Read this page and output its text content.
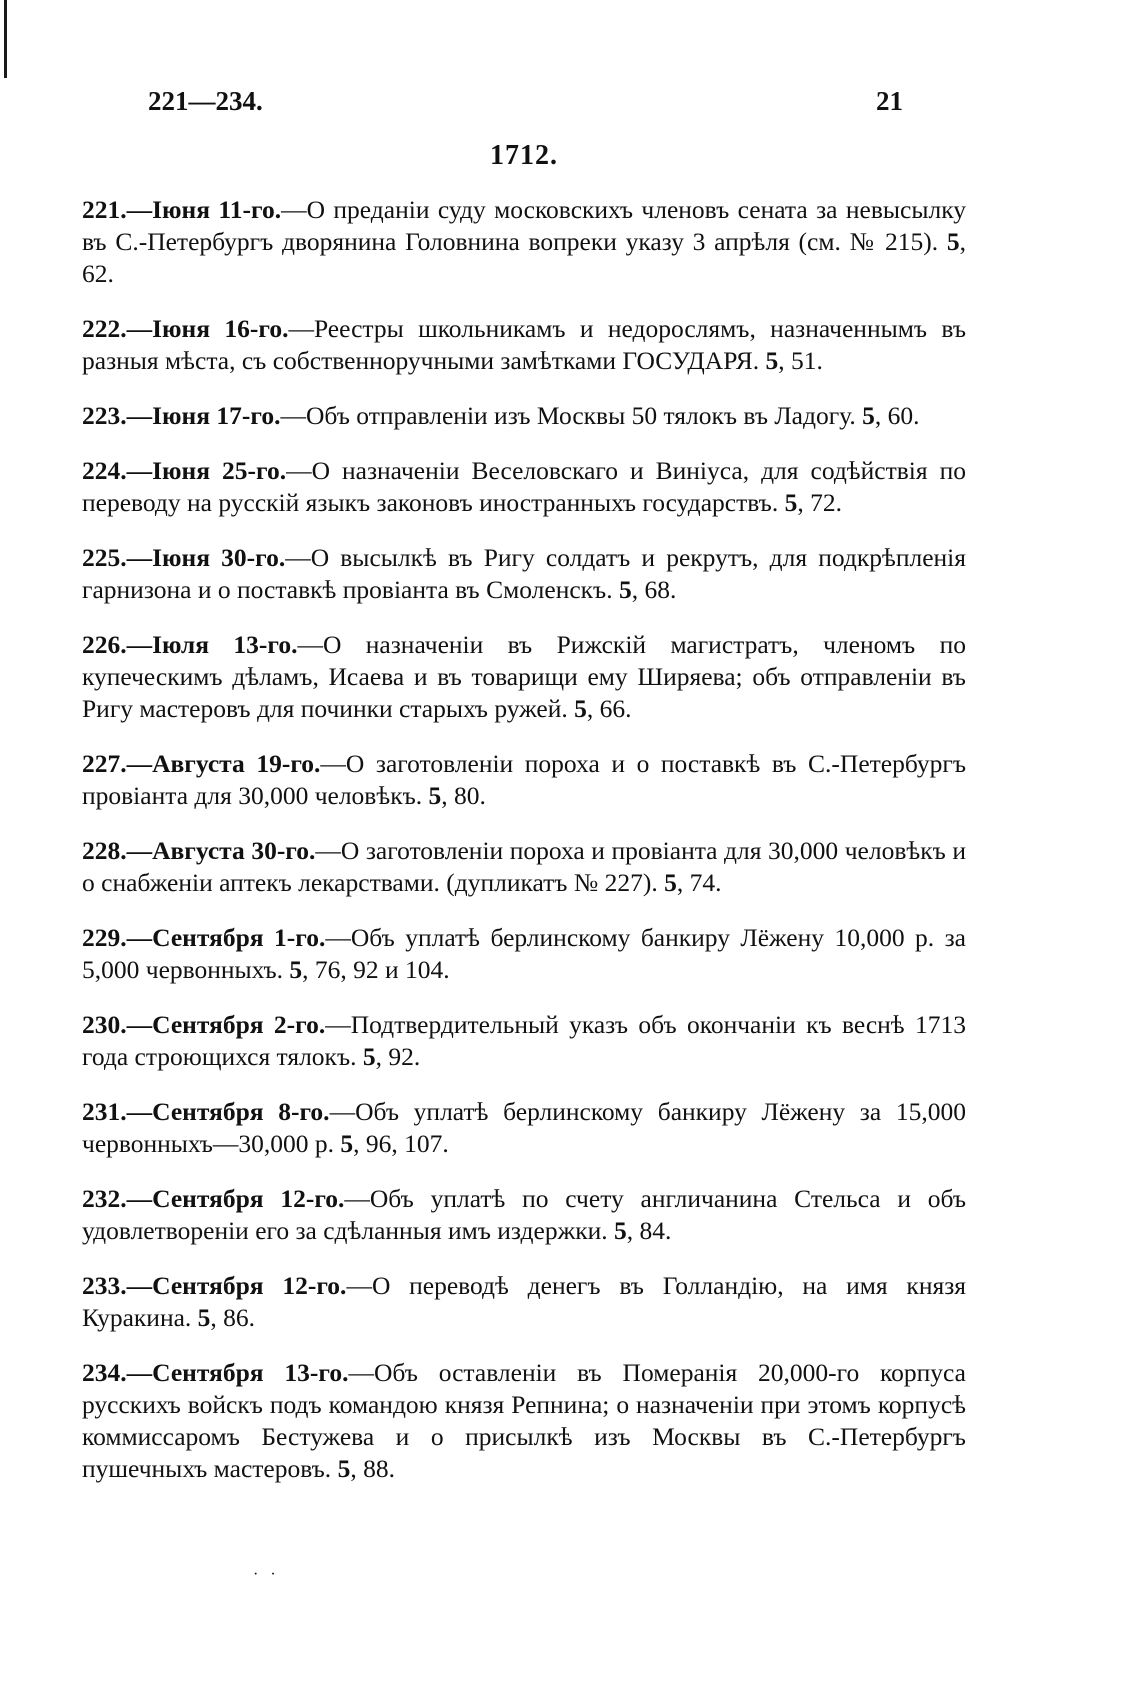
221—234.	21
1712.

221.—Іюня 11-го.—О преданіи суду московскихъ членовъ сената за невысылку въ С.-Петербургъ дворянина Головнина вопреки указу 3 апрѣля (см. № 215). 5, 62.

222.—Іюня 16-го.—Реестры школьникамъ и недорослямъ, назначеннымъ въ разныя мѣста, съ собственноручными замѣтками ГОСУДАРЯ. 5, 51.

223.—Іюня 17-го.—Объ отправленіи изъ Москвы 50 тялокъ въ Ладогу. 5, 60.

224.—Іюня 25-го.—О назначеніи Веселовскаго и Виніуса, для содѣйствія по переводу на русскій языкъ законовъ иностранныхъ государствъ. 5, 72.

225.—Іюня 30-го.—О высылкѣ въ Ригу солдатъ и рекрутъ, для подкрѣпленія гарнизона и о поставкѣ провіанта въ Смоленскъ. 5, 68.

226.—Іюля 13-го.—О назначеніи въ Рижскій магистратъ, членомъ по купеческимъ дѣламъ, Исаева и въ товарищи ему Ширяева; объ отправленіи въ Ригу мастеровъ для починки старыхъ ружей. 5, 66.

227.—Августа 19-го.—О заготовленіи пороха и о поставкѣ въ С.-Петербургъ провіанта для 30,000 человѣкъ. 5, 80.

228.—Августа 30-го.—О заготовленіи пороха и провіанта для 30,000 человѣкъ и о снабженіи аптекъ лекарствами. (дупликатъ № 227). 5, 74.

229.—Сентября 1-го.—Объ уплатѣ берлинскому банкиру Лёжену 10,000 р. за 5,000 червонныхъ. 5, 76, 92 и 104.

230.—Сентября 2-го.—Подтвердительный указъ объ окончаніи къ веснѣ 1713 года строющихся тялокъ. 5, 92.

231.—Сентября 8-го.—Объ уплатѣ берлинскому банкиру Лёжену за 15,000 червонныхъ—30,000 р. 5, 96, 107.

232.—Сентября 12-го.—Объ уплатѣ по счету англичанина Стельса и объ удовлетвореніи его за сдѣланныя имъ издержки. 5, 84.

233.—Сентября 12-го.—О переводѣ денегъ въ Голландію, на имя князя Куракина. 5, 86.

234.—Сентября 13-го.—Объ оставленіи въ Померанія 20,000-го корпуса русскихъ войскъ подъ командою князя Репнина; о назначеніи при этомъ корпусѣ коммиссаромъ Бестужева и о присылкѣ изъ Москвы въ С.-Петербургъ пушечныхъ мастеровъ. 5, 88.

· ·
